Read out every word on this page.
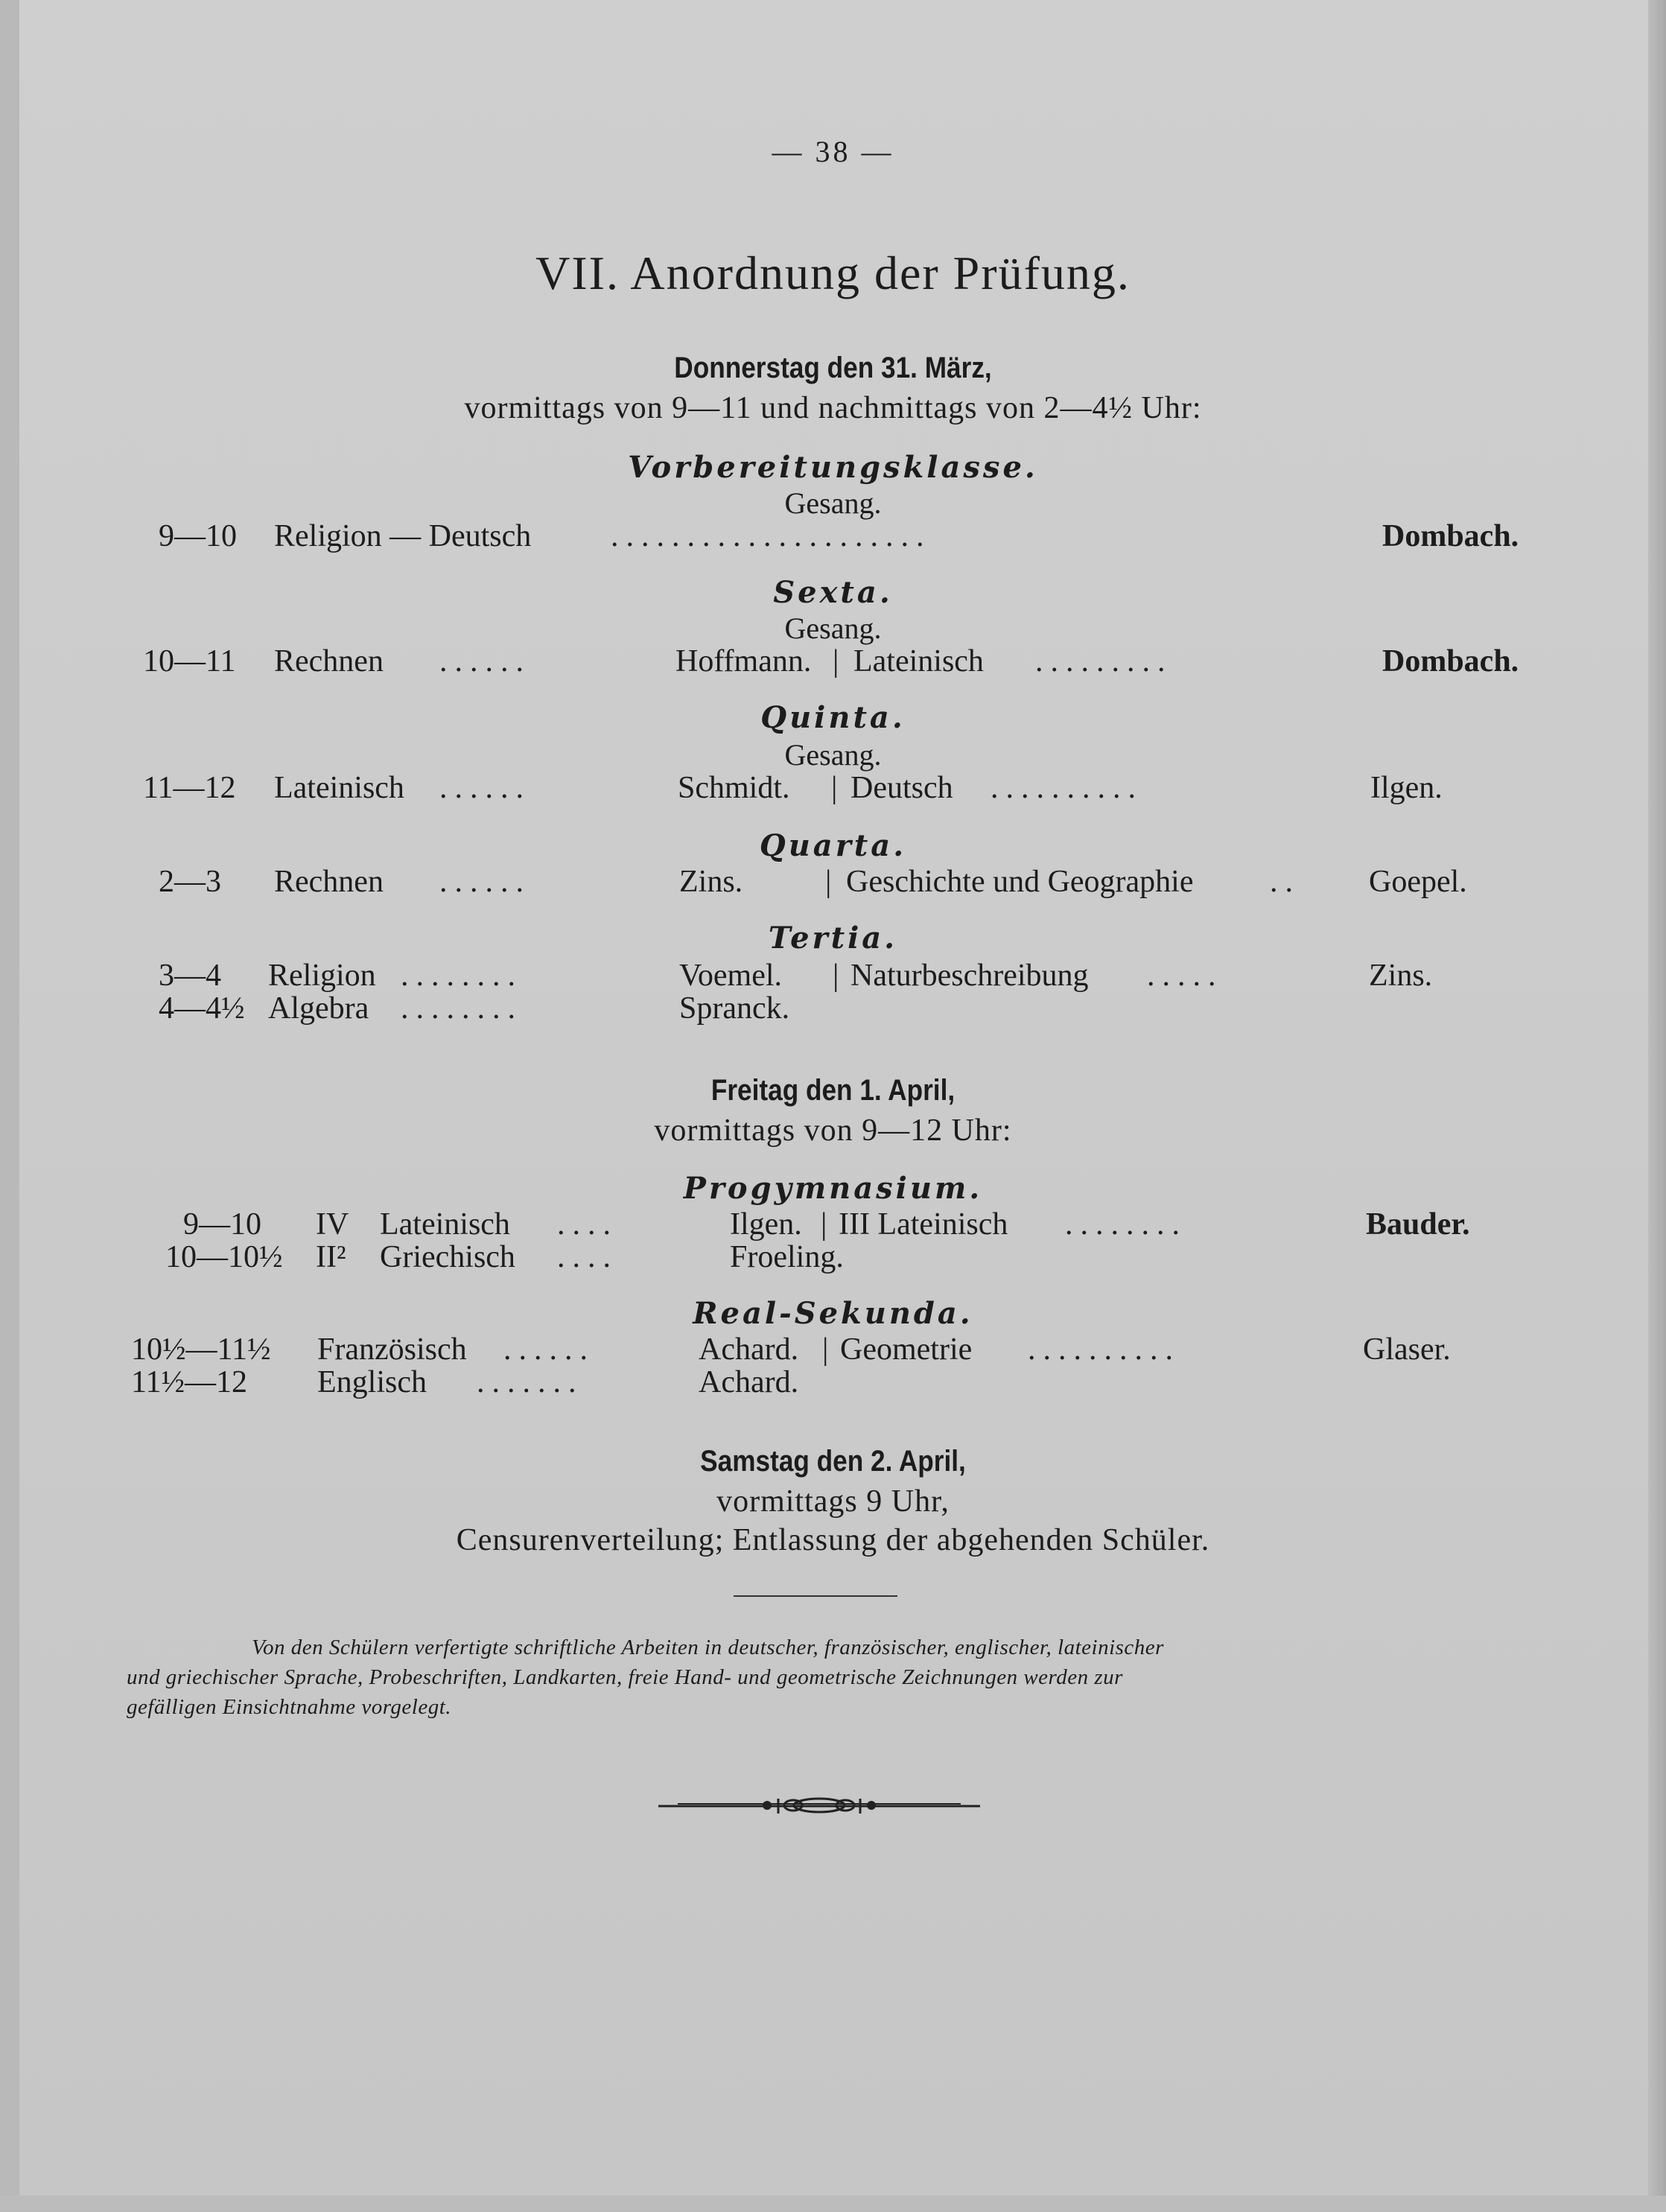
— 38 —
VII. Anordnung der Prüfung.
Donnerstag den 31. März,
vormittags von 9—11 und nachmittags von 2—4½ Uhr:
Vorbereitungsklasse.
Gesang.
9—10 Religion — Deutsch	.....................	Dombach.
Sexta.
Gesang.
10—11 Rechnen ......	Hoffmann. | Lateinisch .........	Dombach.
Quinta.
Gesang.
11—12 Lateinisch ......	Schmidt. | Deutsch ..........	Ilgen.
Quarta.
2—3 Rechnen ......	Zins.	| Geschichte und Geographie .. Goepel.
Tertia.
3—4 Religion ........	Voemel. | Naturbeschreibung .....	Zins.
4—4½ Algebra ........	Spranck.
Freitag den 1. April,
vormittags von 9—12 Uhr:
Progymnasium.
9—10 IV Lateinisch ....	Ilgen. | III Lateinisch ........	Bauder.
10—10½ II² Griechisch ....	Froeling.
Real-Sekunda.
10½—11½ Französisch ......	Achard. | Geometrie ..........	Glaser.
11½—12 Englisch .......	Achard.
Samstag den 2. April,
vormittags 9 Uhr,
Censurenverteilung; Entlassung der abgehenden Schüler.
Von den Schülern verfertigte schriftliche Arbeiten in deutscher, französischer, englischer, lateinischer
und griechischer Sprache, Probeschriften, Landkarten, freie Hand- und geometrische Zeichnungen werden zur
gefälligen Einsichtnahme vorgelegt.
